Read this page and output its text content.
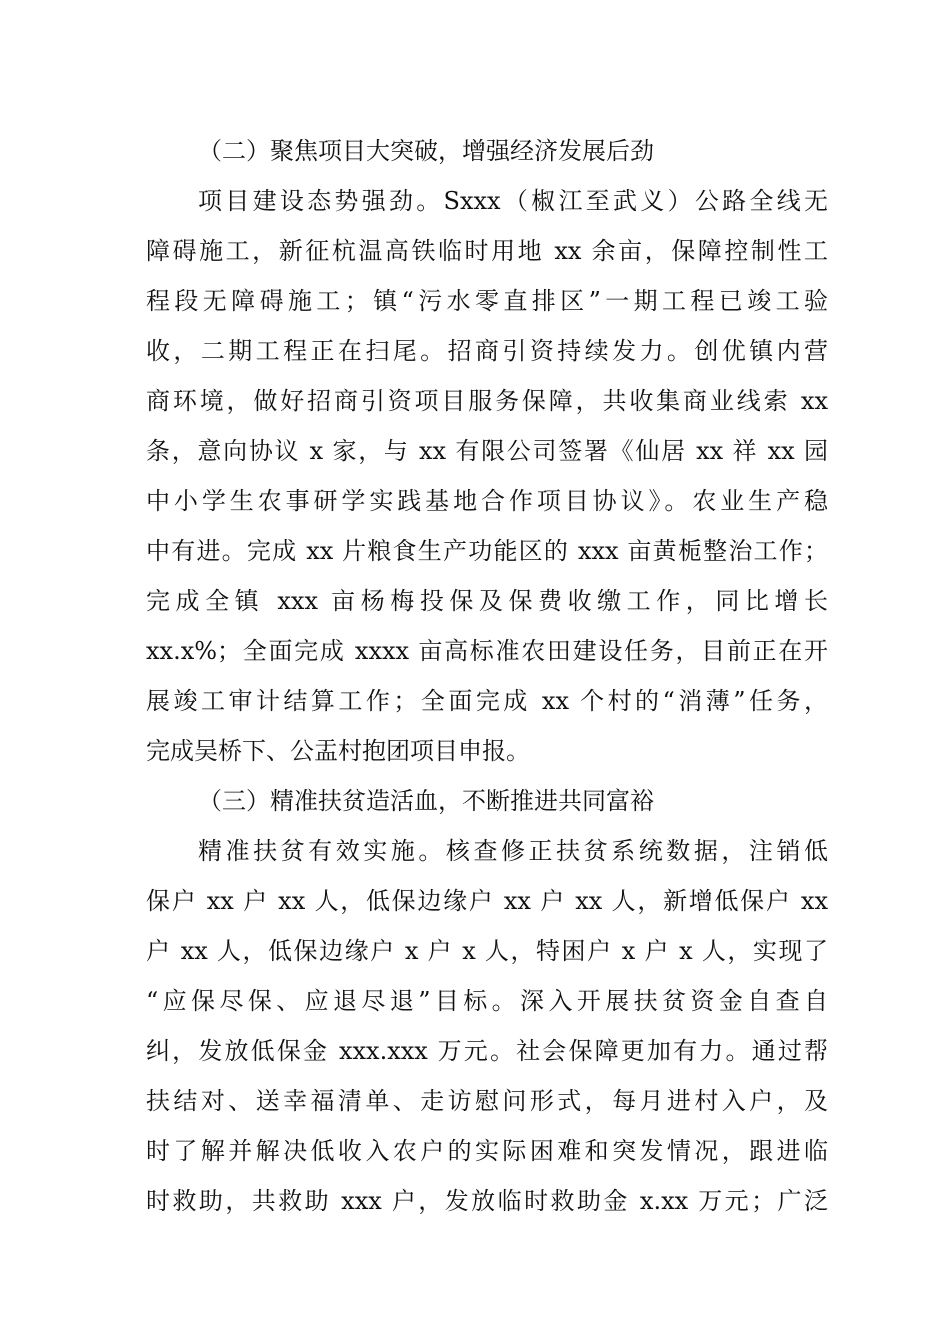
（二）聚焦项目大突破，增强经济发展后劲
项目建设态势强劲。Sxxx（椒江至武义）公路全线无
障碍施工，新征杭温高铁临时用地 xx 余亩，保障控制性工
程段无障碍施工；镇“污水零直排区”一期工程已竣工验
收，二期工程正在扫尾。招商引资持续发力。创优镇内营
商环境，做好招商引资项目服务保障，共收集商业线索 xx
条，意向协议 x 家，与 xx 有限公司签署《仙居 xx 祥 xx 园
中小学生农事研学实践基地合作项目协议》。农业生产稳
中有进。完成 xx 片粮食生产功能区的 xxx 亩黄栀整治工作；
完成全镇 xxx 亩杨梅投保及保费收缴工作，同比增长
xx.x%；全面完成 xxxx 亩高标准农田建设任务，目前正在开
展竣工审计结算工作；全面完成 xx 个村的“消薄”任务，
完成吴桥下、公盂村抱团项目申报。
（三）精准扶贫造活血，不断推进共同富裕
精准扶贫有效实施。核查修正扶贫系统数据，注销低
保户 xx 户 xx 人，低保边缘户 xx 户 xx 人，新增低保户 xx
户 xx 人，低保边缘户 x 户 x 人，特困户 x 户 x 人，实现了
“应保尽保、应退尽退”目标。深入开展扶贫资金自查自
纠，发放低保金 xxx.xxx 万元。社会保障更加有力。通过帮
扶结对、送幸福清单、走访慰问形式，每月进村入户，及
时了解并解决低收入农户的实际困难和突发情况，跟进临
时救助，共救助 xxx 户，发放临时救助金 x.xx 万元；广泛
